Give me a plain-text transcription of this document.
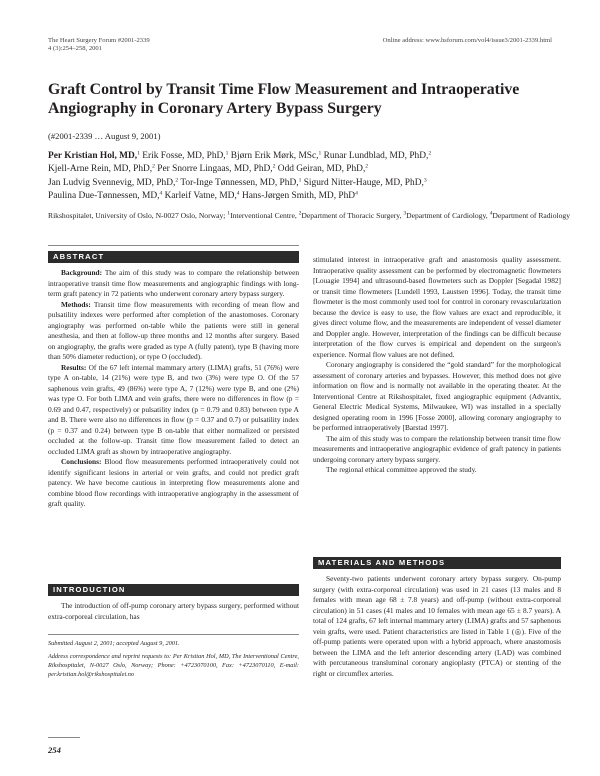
The Heart Surgery Forum #2001-2339
4 (3):254–258, 2001
Online address: www.hsforum.com/vol4/issue3/2001-2339.html
Graft Control by Transit Time Flow Measurement and Intraoperative Angiography in Coronary Artery Bypass Surgery
(#2001-2339 … August 9, 2001)
Per Kristian Hol, MD,$^1$ Erik Fosse, MD, PhD,$^1$ Bjørn Erik Mørk, MSc,$^1$ Runar Lundblad, MD, PhD,$^2$
Kjell-Arne Rein, MD, PhD,$^2$ Per Snorre Lingaas, MD, PhD,$^2$ Odd Geiran, MD, PhD,$^2$
Jan Ludvig Svennevig, MD, PhD,$^2$ Tor-Inge Tønnessen, MD, PhD,$^1$ Sigurd Nitter-Hauge, MD, PhD,$^3$
Paulina Due-Tønnessen, MD,$^4$ Karleif Vatne, MD,$^4$ Hans-Jørgen Smith, MD, PhD$^4$
Rikshospitalet, University of Oslo, N-0027 Oslo, Norway; $^1$Interventional Centre, $^2$Department of Thoracic Surgery, $^3$Department of Cardiology, $^4$Department of Radiology
ABSTRACT

Background: The aim of this study was to compare the relationship between intraoperative transit time flow measurements and angiographic findings with long-term graft patency in 72 patients who underwent coronary artery bypass surgery.

Methods: Transit time flow measurements with recording of mean flow and pulsatility indexes were performed after completion of the anastomoses. Coronary angiography was performed on-table while the patients were still in general anesthesia, and then at follow-up three months and 12 months after surgery. Based on angiography, the grafts were graded as type A (fully patent), type B (having more than 50% diameter reduction), or type O (occluded).

Results: Of the 67 left internal mammary artery (LIMA) grafts, 51 (76%) were type A on-table, 14 (21%) were type B, and two (3%) were type O. Of the 57 saphenous vein grafts, 49 (86%) were type A, 7 (12%) were type B, and one (2%) was type O. For both LIMA and vein grafts, there were no differences in flow (p = 0.69 and 0.47, respectively) or pulsatility index (p = 0.79 and 0.83) between type A and B. There were also no differences in flow (p = 0.37 and 0.7) or pulsatility index (p = 0.37 and 0.24) between type B on-table that either normalized or persisted occluded at the follow-up. Transit time flow measurement failed to detect an occluded LIMA graft as shown by intraoperative angiography.

Conclusions: Blood flow measurements performed intraoperatively could not identify significant lesions in arterial or vein grafts, and could not predict graft patency. We have become cautious in interpreting flow measurements alone and combine blood flow recordings with intraoperative angiography in the assessment of graft quality.

INTRODUCTION

The introduction of off-pump coronary artery bypass surgery, performed without extra-corporeal circulation, has

Submitted August 2, 2001; accepted August 9, 2001.

Address correspondence and reprint requests to: Per Kristian Hol, MD, The Interventional Centre, Rikshospitalet, N-0027 Oslo, Norway; Phone: +4723070100, Fax: +4723070110, E-mail: per.kristian.hol@rikshospitalet.no

254

stimulated interest in intraoperative graft and anastomosis quality assessment. Intraoperative quality assessment can be performed by electromagnetic flowmeters [Louagie 1994] and ultrasound-based flowmeters such as Doppler [Segadal 1982] or transit time flowmeters [Lundell 1993, Laustsen 1996]. Today, the transit time flowmeter is the most commonly used tool for control in coronary revascularization because the device is easy to use, the flow values are exact and reproducible, it gives direct volume flow, and the measurements are independent of vessel diameter and Doppler angle. However, interpretation of the findings can be difficult because interpretation of the flow curves is empirical and dependent on the surgeon's experience. Normal flow values are not defined.

Coronary angiography is considered the “gold standard” for the morphological assessment of coronary arteries and bypasses. However, this method does not give information on flow and is normally not available in the operating theater. At the Interventional Centre at Rikshospitalet, fixed angiographic equipment (Advantix, General Electric Medical Systems, Milwaukee, WI) was installed in a specially designed operating room in 1996 [Fosse 2000], allowing coronary angiography to be performed intraoperatively [Barstad 1997].

The aim of this study was to compare the relationship between transit time flow measurements and intraoperative angiographic evidence of graft patency in patients undergoing coronary artery bypass surgery.

The regional ethical committee approved the study.

MATERIALS AND METHODS

Seventy-two patients underwent coronary artery bypass surgery. On-pump surgery (with extra-corporeal circulation) was used in 21 cases (13 males and 8 females with mean age 68 ± 7.8 years) and off-pump (without extra-corporeal circulation) in 51 cases (41 males and 10 females with mean age 65 ± 8.7 years). A total of 124 grafts, 67 left internal mammary artery (LIMA) grafts and 57 saphenous vein grafts, were used. Patient characteristics are listed in Table 1 (◎). Five of the off-pump patients were operated upon with a hybrid approach, where anastomosis between the LIMA and the left anterior descending artery (LAD) was combined with percutaneous transluminal coronary angioplasty (PTCA) or stenting of the right or circumflex arteries.
